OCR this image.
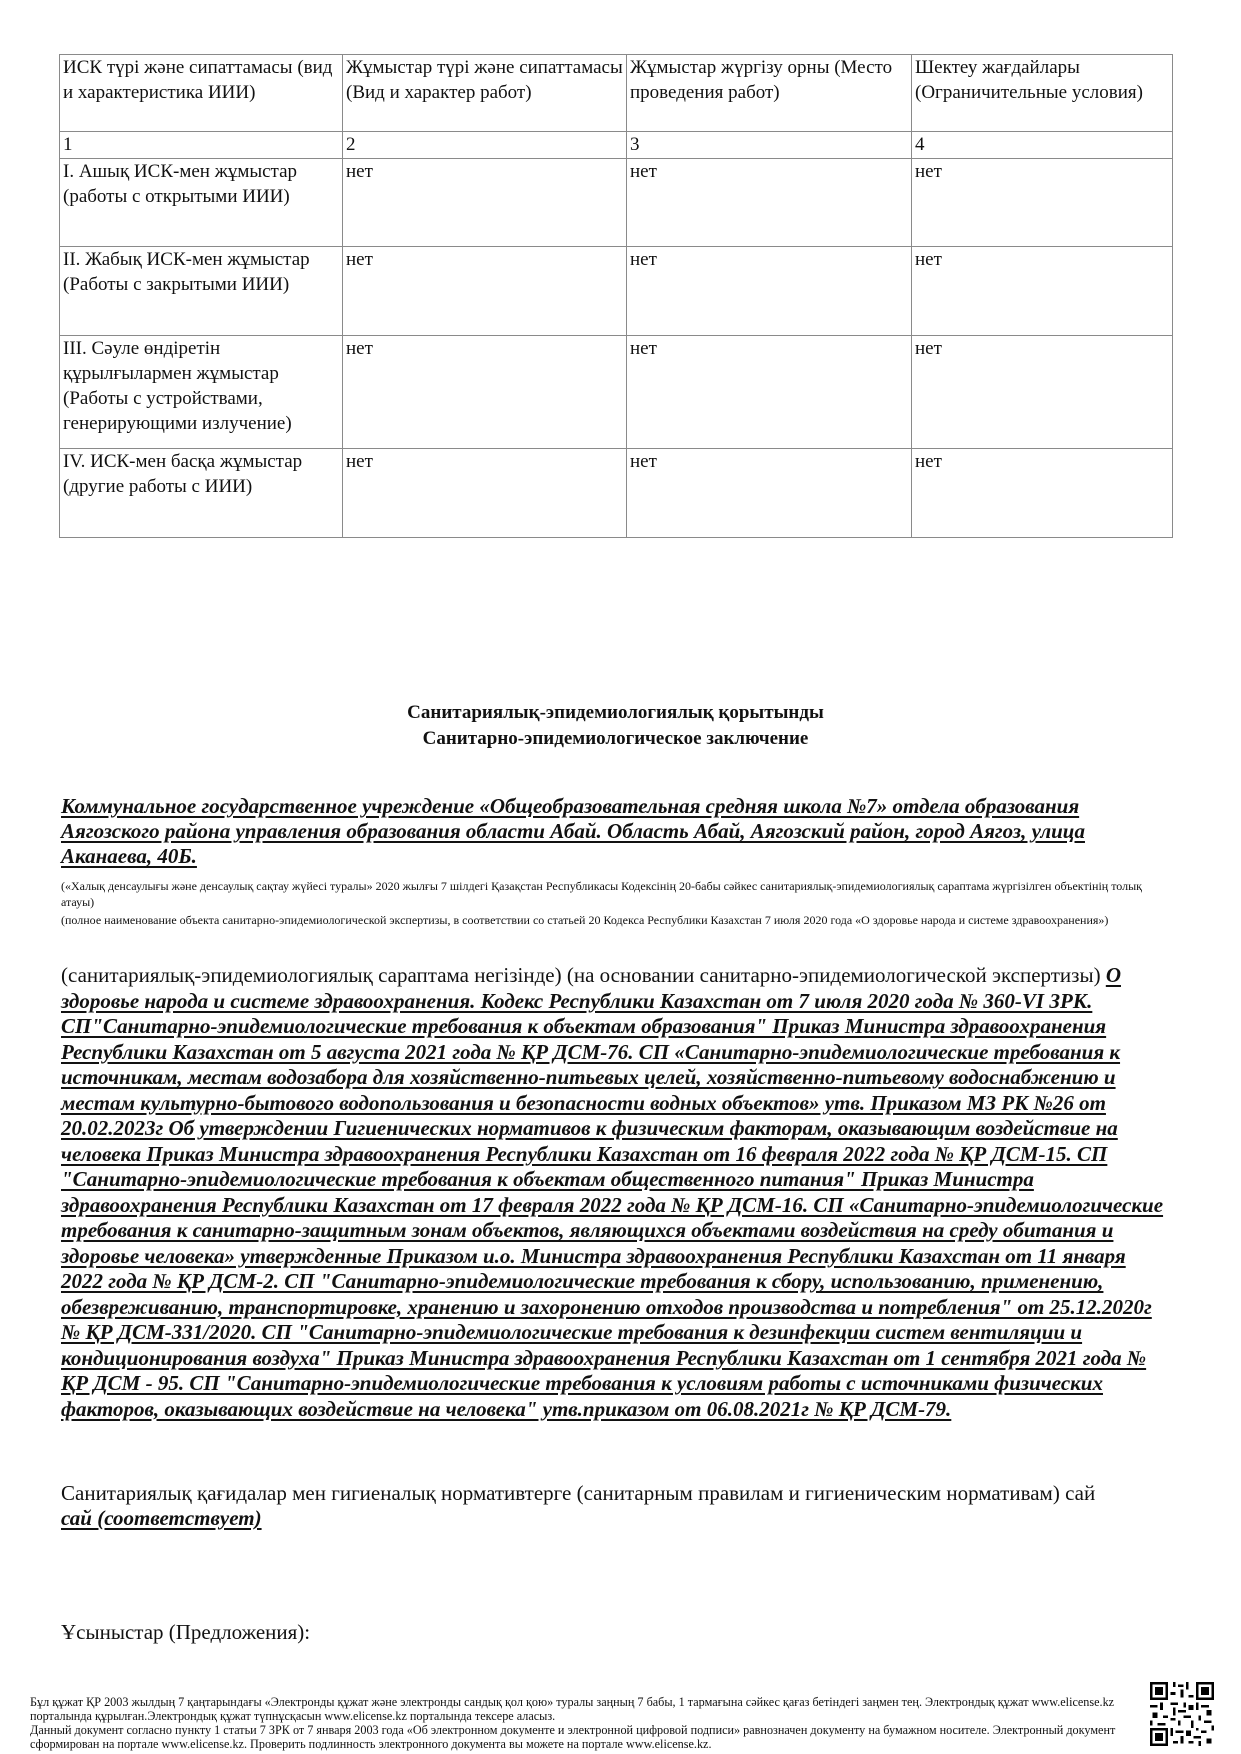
ИСК түрі және сипаттамасы (вид и характеристика ИИИ)	Жұмыстар түрі және сипаттамасы (Вид и характер работ)	Жұмыстар жүргізу орны (Место проведения работ)	Шектеу жағдайлары (Ограничительные условия)
1	2	3	4
I. Ашық ИСК-мен жұмыстар (работы с открытыми ИИИ)	нет	нет	нет
II. Жабық ИСК-мен жұмыстар (Работы с закрытыми ИИИ)	нет	нет	нет
III. Сәуле өндіретін құрылғылармен жұмыстар (Работы с устройствами, генерирующими излучение)	нет	нет	нет
IV. ИСК-мен басқа жұмыстар (другие работы с ИИИ)	нет	нет	нет
Санитариялық-эпидемиологиялық қорытынды
Санитарно-эпидемиологическое заключение
Коммунальное государственное учреждение «Общеобразовательная средняя школа №7» отдела образования Аягозского района управления образования области Абай. Область Абай, Аягозский район, город Аягоз, улица Аканаева, 40Б.
(«Халық денсаулығы және денсаулық сақтау жүйесі туралы» 2020 жылғы 7 шілдегі Қазақстан Республикасы Кодексінің 20-бабы сәйкес санитариялық-эпидемиологиялық сараптама жүргізілген объектінің толық атауы)
(полное наименование объекта санитарно-эпидемиологической экспертизы, в соответствии со статьей 20 Кодекса Республики Казахстан 7 июля 2020 года «О здоровье народа и системе здравоохранения»)
(санитариялық-эпидемиологиялық сараптама негізінде) (на основании санитарно-эпидемиологической экспертизы) О здоровье народа и системе здравоохранения. Кодекс Республики Казахстан от 7 июля 2020 года № 360-VI ЗРК. СП"Санитарно-эпидемиологические требования к объектам образования" Приказ Министра здравоохранения Республики Казахстан от 5 августа 2021 года № ҚР ДСМ-76. СП «Санитарно-эпидемиологические требования к источникам, местам водозабора для хозяйственно-питьевых целей, хозяйственно-питьевому водоснабжению и местам культурно-бытового водопользования и безопасности водных объектов» утв. Приказом МЗ РК №26 от 20.02.2023г Об утверждении Гигиенических нормативов к физическим факторам, оказывающим воздействие на человека Приказ Министра здравоохранения Республики Казахстан от 16 февраля 2022 года № ҚР ДСМ-15. СП "Санитарно-эпидемиологические требования к объектам общественного питания" Приказ Министра здравоохранения Республики Казахстан от 17 февраля 2022 года № ҚР ДСМ-16. СП «Санитарно-эпидемиологические требования к санитарно-защитным зонам объектов, являющихся объектами воздействия на среду обитания и здоровье человека» утвержденные Приказом и.о. Министра здравоохранения Республики Казахстан от 11 января 2022 года № ҚР ДСМ-2. СП "Санитарно-эпидемиологические требования к сбору, использованию, применению, обезвреживанию, транспортировке, хранению и захоронению отходов производства и потребления" от 25.12.2020г № ҚР ДСМ-331/2020. СП "Санитарно-эпидемиологические требования к дезинфекции систем вентиляции и кондиционирования воздуха" Приказ Министра здравоохранения Республики Казахстан от 1 сентября 2021 года № ҚР ДСМ - 95. СП "Санитарно-эпидемиологические требования к условиям работы с источниками физических факторов, оказывающих воздействие на человека" утв.приказом от 06.08.2021г № ҚР ДСМ-79.
Санитариялық қағидалар мен гигиеналық нормативтерге (санитарным правилам и гигиеническим нормативам) сай
сай (соответствует)
Ұсыныстар (Предложения):
Бұл құжат ҚР 2003 жылдың 7 қаңтарындағы «Электронды құжат және электронды сандық қол қою» туралы заңның 7 бабы, 1 тармағына сәйкес қағаз бетіндегі заңмен тең. Электрондық құжат www.elicense.kz порталында құрылған.Электрондық құжат түпнұсқасын www.elicense.kz порталында тексере аласыз.
Данный документ согласно пункту 1 статьи 7 ЗРК от 7 января 2003 года «Об электронном документе и электронной цифровой подписи» равнозначен документу на бумажном носителе. Электронный документ сформирован на портале www.elicense.kz. Проверить подлинность электронного документа вы можете на портале www.elicense.kz.
